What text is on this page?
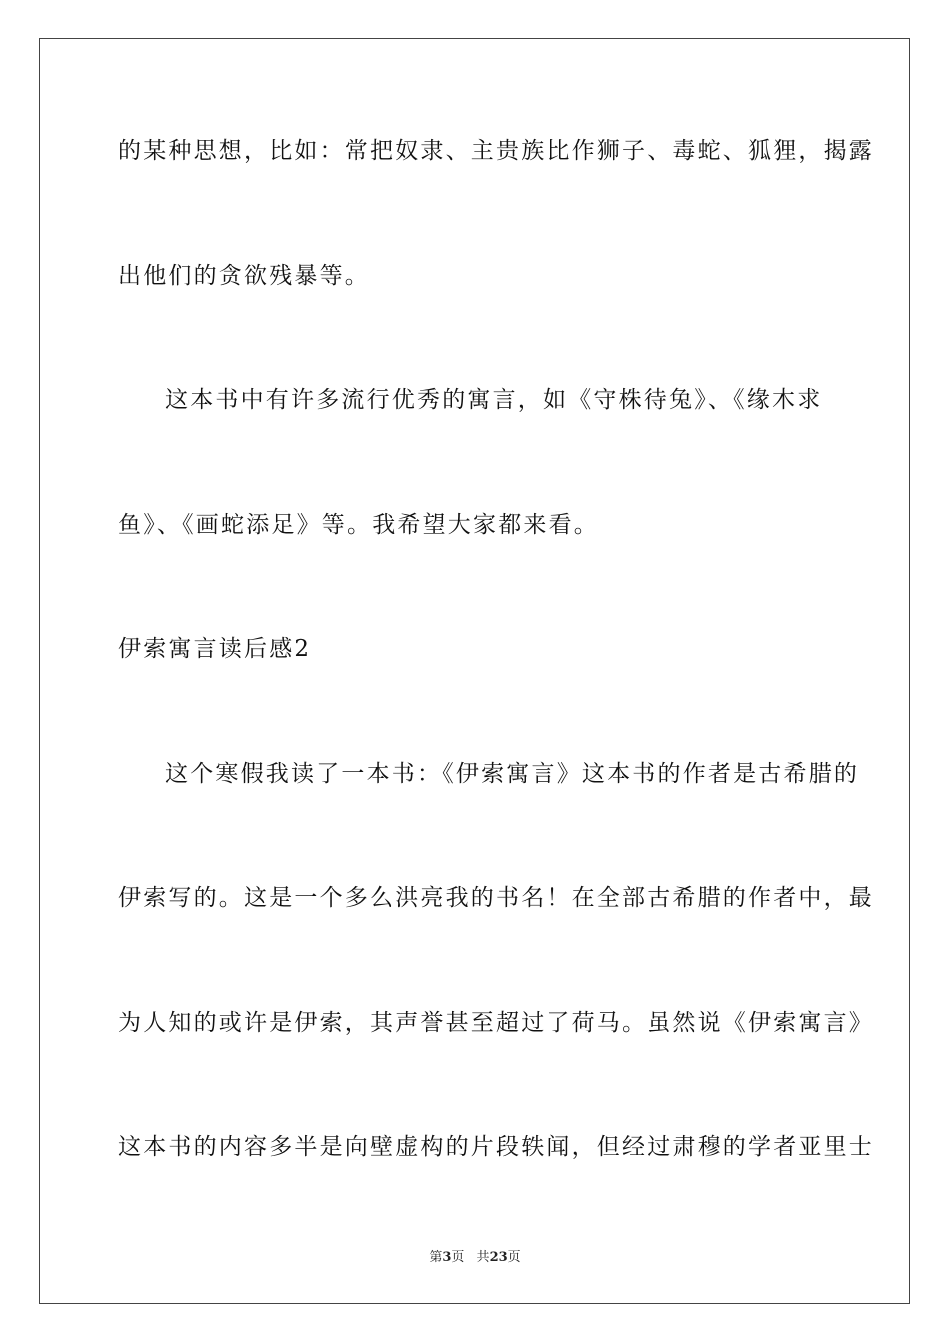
的某种思想，比如：常把奴隶、主贵族比作狮子、毒蛇、狐狸，揭露
出他们的贪欲残暴等。
这本书中有许多流行优秀的寓言，如《守株待兔》、《缘木求
鱼》、《画蛇添足》等。我希望大家都来看。
伊索寓言读后感2
这个寒假我读了一本书：《伊索寓言》这本书的作者是古希腊的
伊索写的。这是一个多么洪亮我的书名！在全部古希腊的作者中，最
为人知的或许是伊索，其声誉甚至超过了荷马。虽然说《伊索寓言》
这本书的内容多半是向壁虚构的片段轶闻，但经过肃穆的学者亚里士
第3页 共23页
